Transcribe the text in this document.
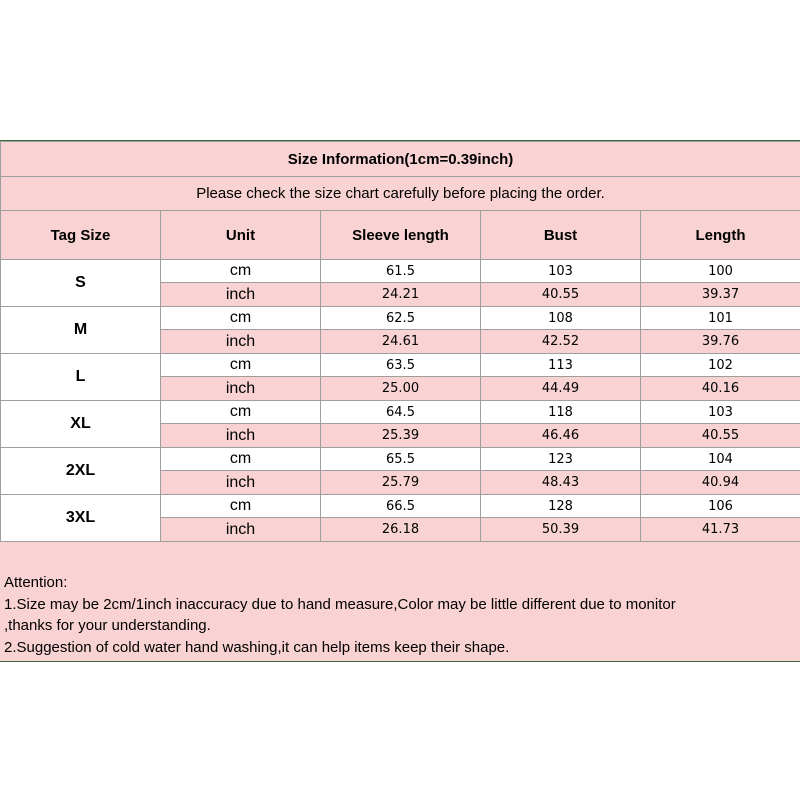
Size Information(1cm=0.39inch)				
Please check the size chart carefully before placing the order.				
Tag Size	Unit	Sleeve length	Bust	Length
S	cm	61.5	103	100
	inch	24.21	40.55	39.37
M	cm	62.5	108	101
	inch	24.61	42.52	39.76
L	cm	63.5	113	102
	inch	25.00	44.49	40.16
XL	cm	64.5	118	103
	inch	25.39	46.46	40.55
2XL	cm	65.5	123	104
	inch	25.79	48.43	40.94
3XL	cm	66.5	128	106
	inch	26.18	50.39	41.73
Attention:
1.Size may be 2cm/1inch inaccuracy due to hand measure,Color may be little different due to monitor
,thanks for your understanding.
2.Suggestion of cold water hand washing,it can help items keep their shape.
